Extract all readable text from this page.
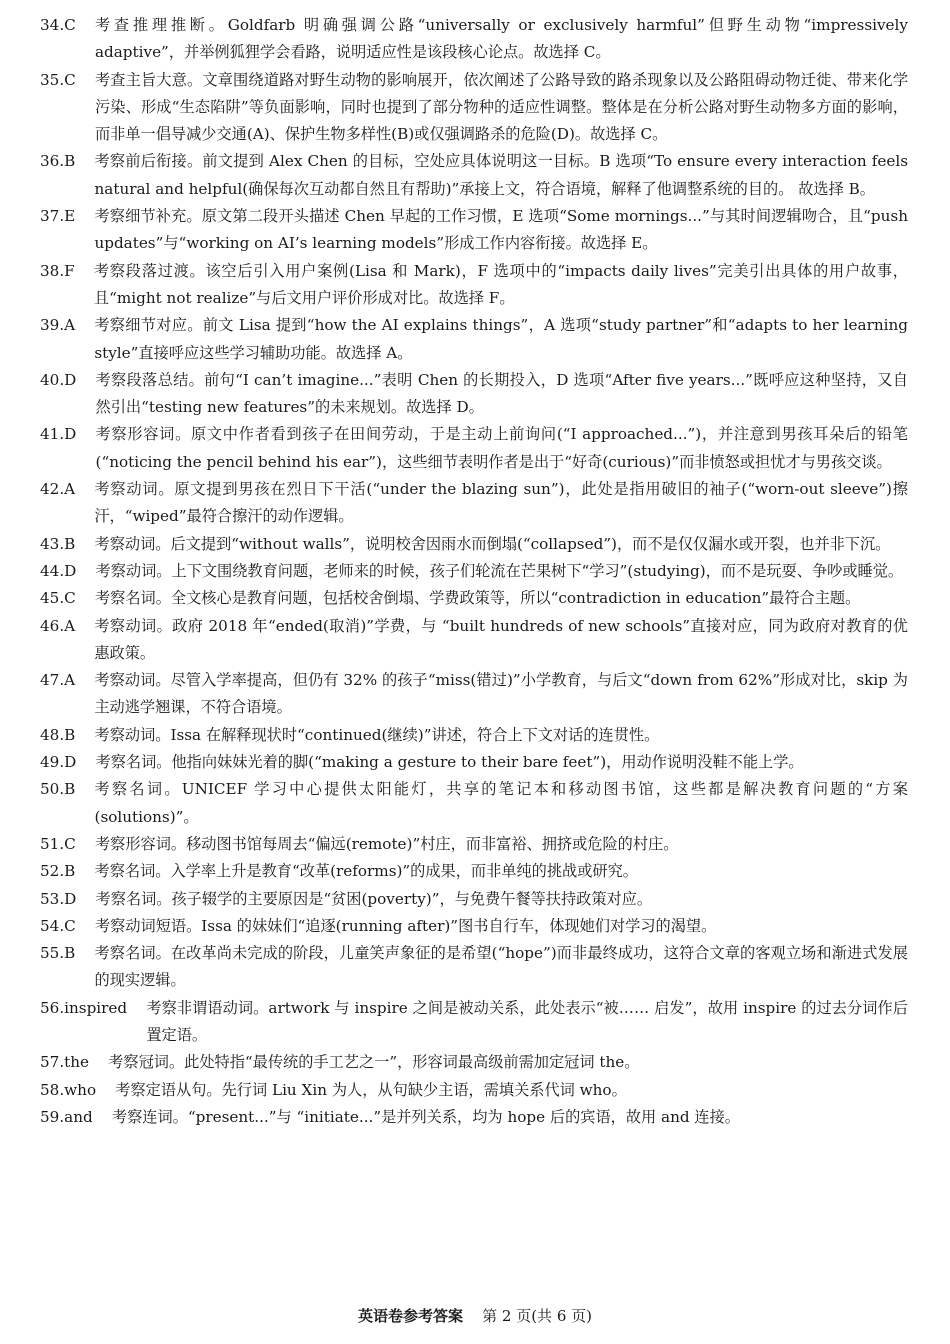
34. C
  考查推理推断。Goldfarb 明确强调公路“universally or exclusively harmful”但野生动物“impressively adaptive”，并举例狐狸学会看路，说明适应性是该段核心论点。故选择 C。
35. C
  考查主旨大意。文章围绕道路对野生动物的影响展开，依次阐述了公路导致的路杀现象以及公路阻碍动物迁徙、带来化学污染、形成“生态陷阱”等负面影响，同时也提到了部分物种的适应性调整。整体是在分析公路对野生动物多方面的影响，而非单一倡导减少交通(A)、保护生物多样性(B)或仅强调路杀的危险(D)。故选择 C。
36. B
  考察前后衔接。前文提到 Alex Chen 的目标，空处应具体说明这一目标。B 选项“To ensure every interaction feels natural and helpful(确保每次互动都自然且有帮助)”承接上文，符合语境，解释了他调整系统的目的。 故选择 B。
37. E
  考察细节补充。原文第二段开头描述 Chen 早起的工作习惯，E 选项“Some mornings...”与其时间逻辑吻合，且“push updates”与“working on AI’s learning models”形成工作内容衔接。故选择 E。
38. F
  考察段落过渡。该空后引入用户案例(Lisa 和 Mark)，F 选项中的“impacts daily lives”完美引出具体的用户故事，且“might not realize”与后文用户评价形成对比。故选择 F。
39. A
  考察细节对应。前文 Lisa 提到“how the AI explains things”，A 选项“study partner”和“adapts to her learning style”直接呼应这些学习辅助功能。故选择 A。
40. D
  考察段落总结。前句“I can’t imagine...”表明 Chen 的长期投入，D 选项“After five years...”既呼应这种坚持，又自然引出“testing new features”的未来规划。故选择 D。
41. D
  考察形容词。原文中作者看到孩子在田间劳动，于是主动上前询问(“I approached...”)，并注意到男孩耳朵后的铅笔(“noticing the pencil behind his ear”)，这些细节表明作者是出于“好奇(curious)”而非愤怒或担忧才与男孩交谈。
42. A
  考察动词。原文提到男孩在烈日下干活(“under the blazing sun”)，此处是指用破旧的袖子(“worn-out sleeve”)擦汗，“wiped”最符合擦汗的动作逻辑。
43. B
  考察动词。后文提到“without walls”，说明校舍因雨水而倒塌(“collapsed”)，而不是仅仅漏水或开裂，也并非下沉。
44. D
  考察动词。上下文围绕教育问题，老师来的时候，孩子们轮流在芒果树下“学习”(studying)，而不是玩耍、争吵或睡觉。
45. C
  考察名词。全文核心是教育问题，包括校舍倒塌、学费政策等，所以“contradiction in education”最符合主题。
46. A
  考察动词。政府 2018 年“ended(取消)”学费，与 “built hundreds of new schools”直接对应，同为政府对教育的优惠政策。
47. A
  考察动词。尽管入学率提高，但仍有 32% 的孩子“miss(错过)”小学教育，与后文“down from 62%”形成对比，skip 为主动逃学翘课，不符合语境。
48. B
  考察动词。Issa 在解释现状时“continued(继续)”讲述，符合上下文对话的连贯性。
49. D
  考察名词。他指向妹妹光着的脚(“making a gesture to their bare feet”)，用动作说明没鞋不能上学。
50. B
  考察名词。UNICEF 学习中心提供太阳能灯，共享的笔记本和移动图书馆，这些都是解决教育问题的“方案(solutions)”。
51. C
  考察形容词。移动图书馆每周去“偏远(remote)”村庄，而非富裕、拥挤或危险的村庄。
52. B
  考察名词。入学率上升是教育“改革(reforms)”的成果，而非单纯的挑战或研究。
53. D
  考察名词。孩子辍学的主要原因是“贫困(poverty)”，与免费午餐等扶持政策对应。
54. C
  考察动词短语。Issa 的妹妹们“追逐(running after)”图书自行车，体现她们对学习的渴望。
55. B
  考察名词。在改革尚未完成的阶段，儿童笑声象征的是希望(“hope”)而非最终成功，这符合文章的客观立场和渐进式发展的现实逻辑。
56. inspired
  考察非谓语动词。artwork 与 inspire 之间是被动关系，此处表示“被…… 启发”，故用 inspire 的过去分词作后置定语。
57. the
  考察冠词。此处特指“最传统的手工艺之一”，形容词最高级前需加定冠词 the。
58. who
  考察定语从句。先行词 Liu Xin 为人，从句缺少主语，需填关系代词 who。
59. and
  考察连词。“present...”与 “initiate...”是并列关系，均为 hope 后的宾语，故用 and 连接。
英语卷参考答案 第 2 页(共 6 页)
